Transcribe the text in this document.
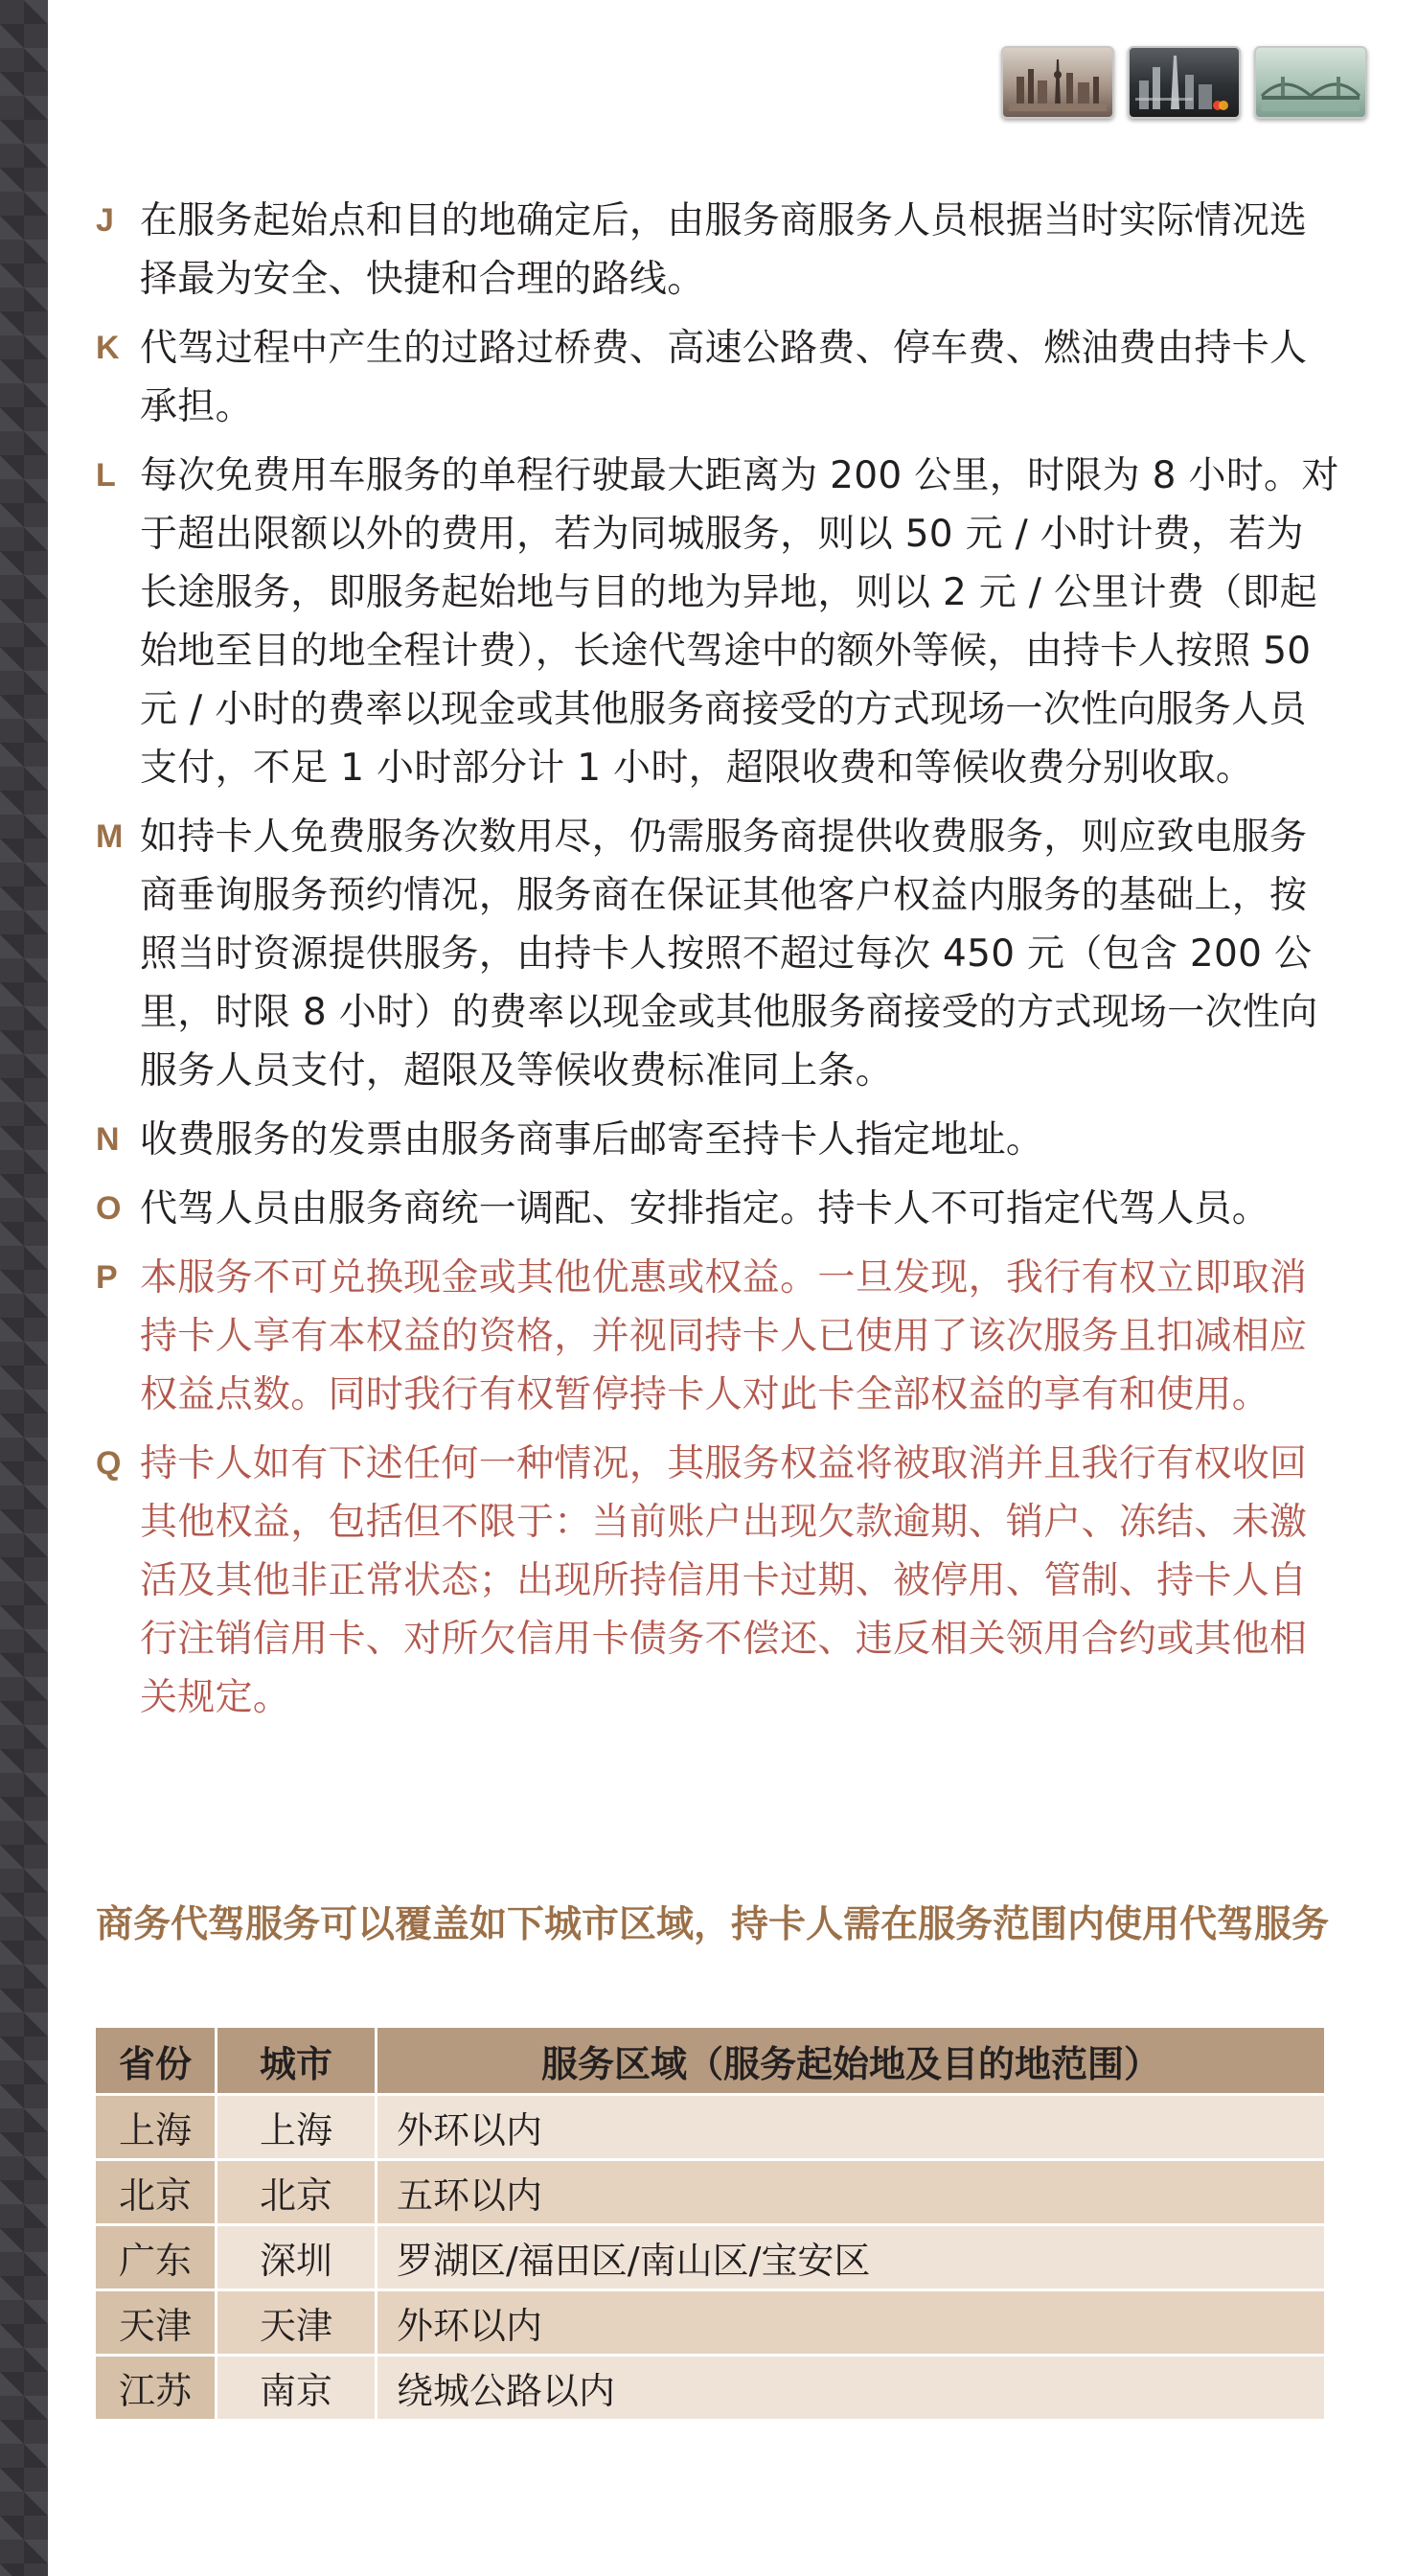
J 在服务起始点和目的地确定后，由服务商服务人员根据当时实际情况选择最为安全、快捷和合理的路线。
K 代驾过程中产生的过路过桥费、高速公路费、停车费、燃油费由持卡人承担。
L 每次免费用车服务的单程行驶最大距离为 200 公里，时限为 8 小时。对于超出限额以外的费用，若为同城服务，则以 50 元 / 小时计费，若为长途服务，即服务起始地与目的地为异地，则以 2 元 / 公里计费（即起始地至目的地全程计费），长途代驾途中的额外等候，由持卡人按照 50 元 / 小时的费率以现金或其他服务商接受的方式现场一次性向服务人员支付，不足 1 小时部分计 1 小时，超限收费和等候收费分别收取。
M 如持卡人免费服务次数用尽，仍需服务商提供收费服务，则应致电服务商垂询服务预约情况，服务商在保证其他客户权益内服务的基础上，按照当时资源提供服务，由持卡人按照不超过每次 450 元（包含 200 公里，时限 8 小时）的费率以现金或其他服务商接受的方式现场一次性向服务人员支付，超限及等候收费标准同上条。
N 收费服务的发票由服务商事后邮寄至持卡人指定地址。
O 代驾人员由服务商统一调配、安排指定。持卡人不可指定代驾人员。
P 本服务不可兑换现金或其他优惠或权益。一旦发现，我行有权立即取消持卡人享有本权益的资格，并视同持卡人已使用了该次服务且扣减相应权益点数。同时我行有权暂停持卡人对此卡全部权益的享有和使用。
Q 持卡人如有下述任何一种情况，其服务权益将被取消并且我行有权收回其他权益，包括但不限于：当前账户出现欠款逾期、销户、冻结、未激活及其他非正常状态；出现所持信用卡过期、被停用、管制、持卡人自行注销信用卡、对所欠信用卡债务不偿还、违反相关领用合约或其他相关规定。
商务代驾服务可以覆盖如下城市区域，持卡人需在服务范围内使用代驾服务
省份	城市	服务区域（服务起始地及目的地范围）
上海	上海	外环以内
北京	北京	五环以内
广东	深圳	罗湖区/福田区/南山区/宝安区
天津	天津	外环以内
江苏	南京	绕城公路以内
